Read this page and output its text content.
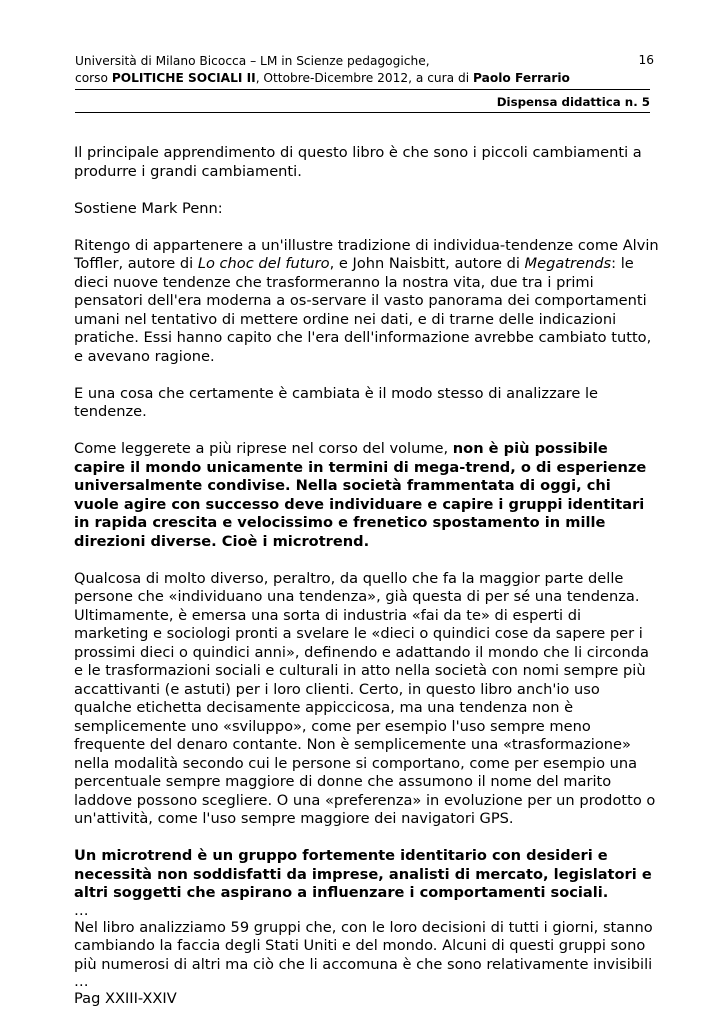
Università di Milano Bicocca – LM in Scienze pedagogiche,
corso POLITICHE SOCIALI II, Ottobre-Dicembre 2012, a cura di Paolo Ferrario
16
Dispensa didattica n. 5

Il principale apprendimento di questo libro è che sono i piccoli cambiamenti a produrre i grandi cambiamenti.

Sostiene Mark Penn:

Ritengo di appartenere a un'illustre tradizione di individua-tendenze come Alvin Toffler, autore di Lo choc del futuro, e John Naisbitt, autore di Megatrends: le dieci nuove tendenze che trasformeranno la nostra vita, due tra i primi pensatori dell'era moderna a os-servare il vasto panorama dei comportamenti umani nel tentativo di mettere ordine nei dati, e di trarne delle indicazioni pratiche. Essi hanno capito che l'era dell'informazione avrebbe cambiato tutto, e avevano ragione.

E una cosa che certamente è cambiata è il modo stesso di analizzare le tendenze.

Come leggerete a più riprese nel corso del volume, non è più possibile capire il mondo unicamente in termini di mega-trend, o di esperienze universalmente condivise. Nella società frammentata di oggi, chi vuole agire con successo deve individuare e capire i gruppi identitari in rapida crescita e velocissimo e frenetico spostamento in mille direzioni diverse. Cioè i microtrend.

Qualcosa di molto diverso, peraltro, da quello che fa la maggior parte delle persone che «individuano una tendenza», già questa di per sé una tendenza. Ultimamente, è emersa una sorta di industria «fai da te» di esperti di marketing e sociologi pronti a svelare le «dieci o quindici cose da sapere per i prossimi dieci o quindici anni», definendo e adattando il mondo che li circonda e le trasformazioni sociali e culturali in atto nella società con nomi sempre più accattivanti (e astuti) per i loro clienti. Certo, in questo libro anch'io uso qualche etichetta decisamente appiccicosa, ma una tendenza non è semplicemente uno «sviluppo», come per esempio l'uso sempre meno frequente del denaro contante. Non è semplicemente una «trasformazione» nella modalità secondo cui le persone si comportano, come per esempio una percentuale sempre maggiore di donne che assumono il nome del marito laddove possono scegliere. O una «preferenza» in evoluzione per un prodotto o un'attività, come l'uso sempre maggiore dei navigatori GPS.

Un microtrend è un gruppo fortemente identitario con desideri e necessità non soddisfatti da imprese, analisti di mercato, legislatori e altri soggetti che aspirano a influenzare i comportamenti sociali.

…

Nel libro analizziamo 59 gruppi che, con le loro decisioni di tutti i giorni, stanno cambiando la faccia degli Stati Uniti e del mondo. Alcuni di questi gruppi sono più numerosi di altri ma ciò che li accomuna è che sono relativamente invisibili

…
Pag XXIII-XXIV
